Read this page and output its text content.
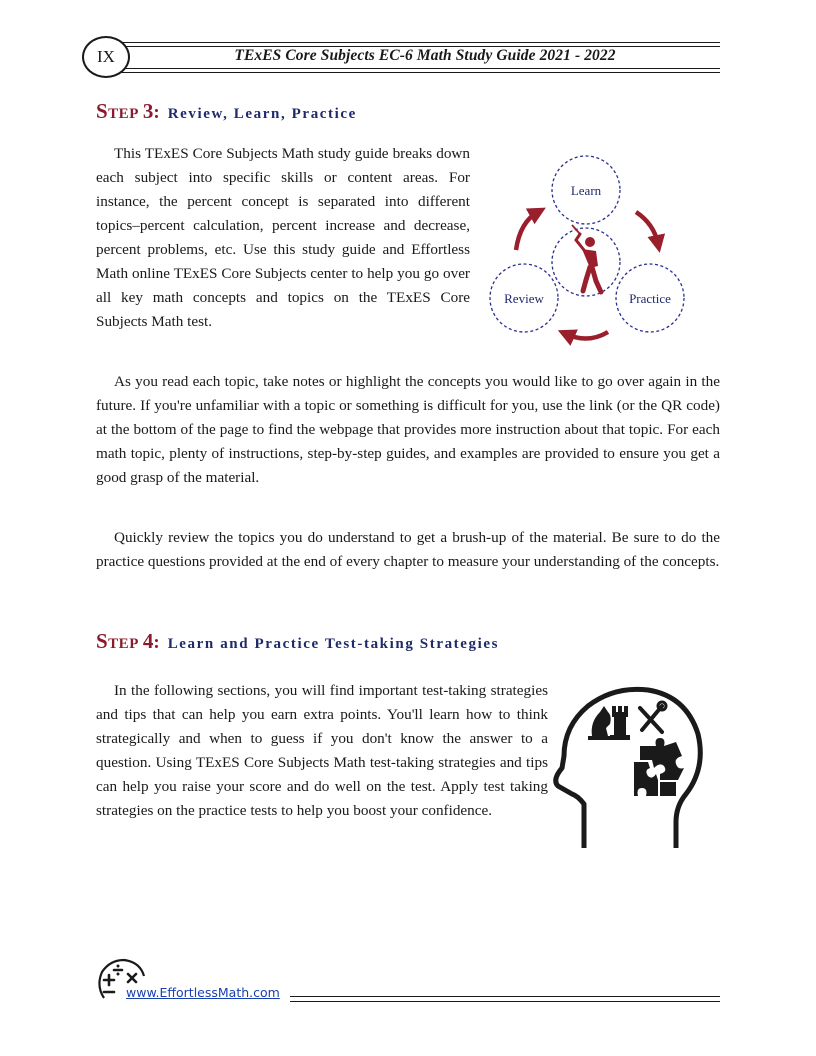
IX	TExES Core Subjects EC-6 Math Study Guide 2021 - 2022
Step 3: Review, Learn, Practice

This TExES Core Subjects Math study guide breaks down each subject into specific skills or content areas. For instance, the percent concept is separated into different topics–percent calculation, percent increase and decrease, percent problems, etc. Use this study guide and Effortless Math online TExES Core Subjects center to help you go over all key math concepts and topics on the TExES Core Subjects Math test.

Learn
Review	Practice

As you read each topic, take notes or highlight the concepts you would like to go over again in the future. If you're unfamiliar with a topic or something is difficult for you, use the link (or the QR code) at the bottom of the page to find the webpage that provides more instruction about that topic. For each math topic, plenty of instructions, step-by-step guides, and examples are provided to ensure you get a good grasp of the material.

Quickly review the topics you do understand to get a brush-up of the material. Be sure to do the practice questions provided at the end of every chapter to measure your understanding of the concepts.

Step 4: Learn and Practice Test-taking Strategies

In the following sections, you will find important test-taking strategies and tips that can help you earn extra points. You'll learn how to think strategically and when to guess if you don't know the answer to a question. Using TExES Core Subjects Math test-taking strategies and tips can help you raise your score and do well on the test. Apply test taking strategies on the practice tests to help you boost your confidence.

www.EffortlessMath.com
